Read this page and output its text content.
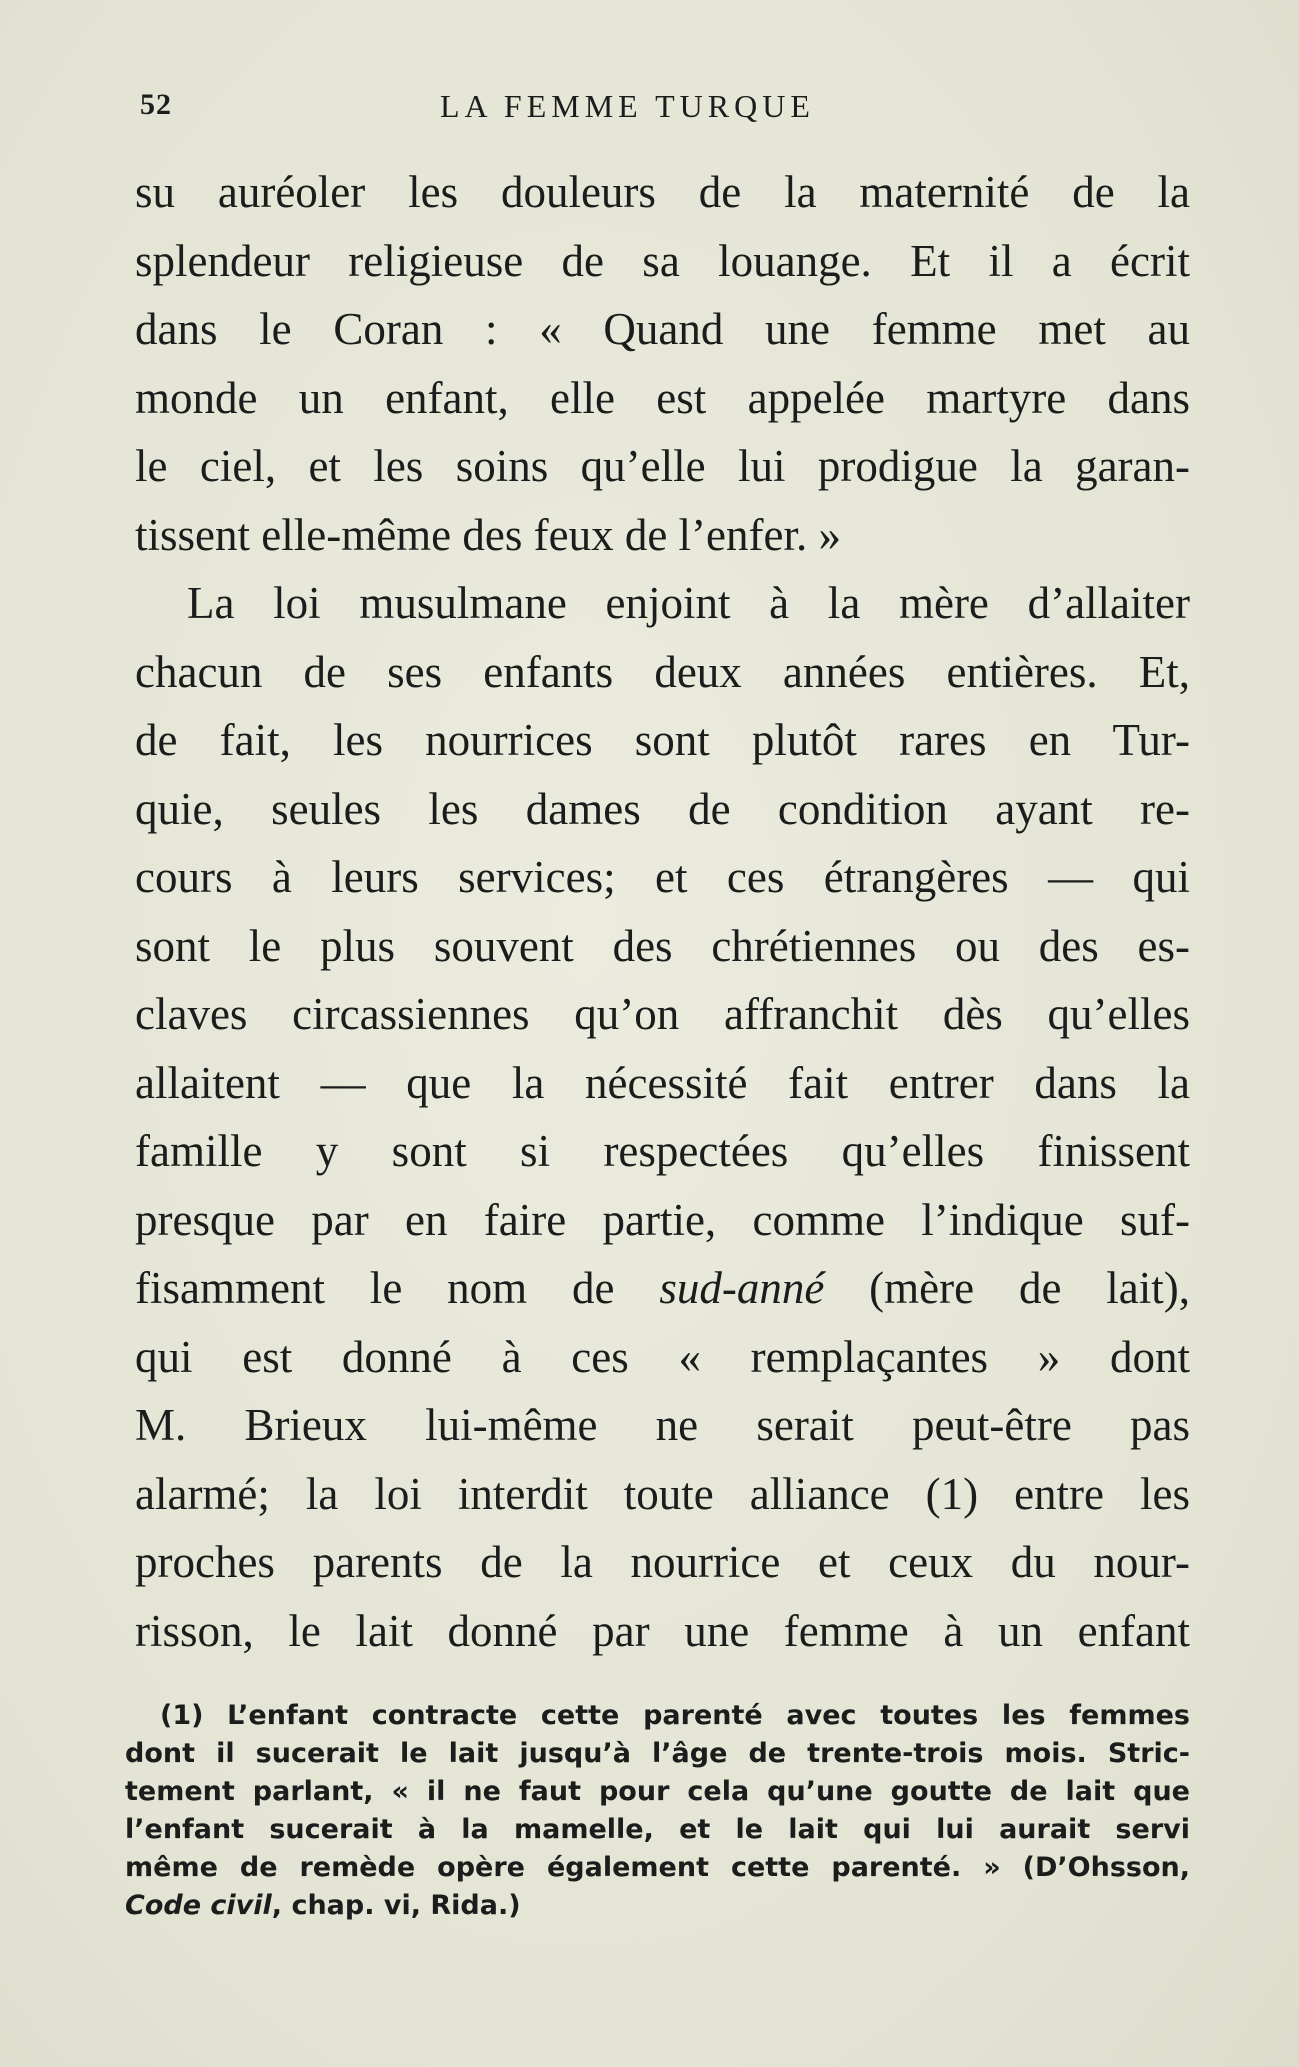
52	LA FEMME TURQUE
su auréoler les douleurs de la maternité de la
splendeur religieuse de sa louange. Et il a écrit
dans le Coran : « Quand une femme met au
monde un enfant, elle est appelée martyre dans
le ciel, et les soins qu’elle lui prodigue la garan-
tissent elle-même des feux de l’enfer. »
La loi musulmane enjoint à la mère d’allaiter
chacun de ses enfants deux années entières. Et,
de fait, les nourrices sont plutôt rares en Tur-
quie, seules les dames de condition ayant re-
cours à leurs services; et ces étrangères — qui
sont le plus souvent des chrétiennes ou des es-
claves circassiennes qu’on affranchit dès qu’elles
allaitent — que la nécessité fait entrer dans la
famille y sont si respectées qu’elles finissent
presque par en faire partie, comme l’indique suf-
fisamment le nom de sud-anné (mère de lait),
qui est donné à ces « remplaçantes » dont
M. Brieux lui-même ne serait peut-être pas
alarmé; la loi interdit toute alliance (1) entre les
proches parents de la nourrice et ceux du nour-
risson, le lait donné par une femme à un enfant
(1) L’enfant contracte cette parenté avec toutes les femmes
dont il sucerait le lait jusqu’à l’âge de trente-trois mois. Stric-
tement parlant, « il ne faut pour cela qu’une goutte de lait que
l’enfant sucerait à la mamelle, et le lait qui lui aurait servi
même de remède opère également cette parenté. » (D’Ohsson,
Code civil, chap. vi, Rida.)
